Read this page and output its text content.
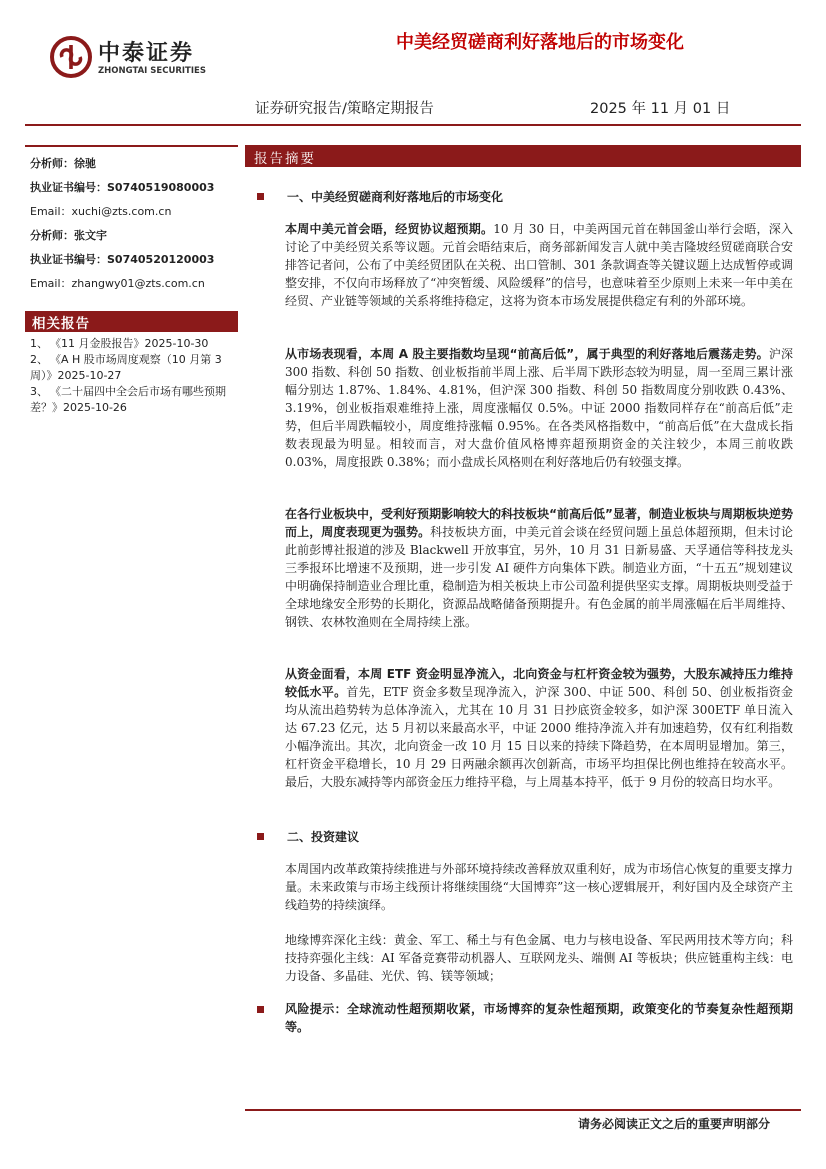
中泰证券
ZHONGTAI SECURITIES
中美经贸磋商利好落地后的市场变化
证券研究报告/策略定期报告	2025 年 11 月 01 日
分析师：徐驰
执业证书编号：S0740519080003
Email：xuchi@zts.com.cn
分析师：张文宇
执业证书编号：S0740520120003
Email：zhangwy01@zts.com.cn
相关报告
1、 《11 月金股报告》2025-10-30
2、 《A H 股市场周度观察（10 月第 3 周）》2025-10-27
3、 《二十届四中全会后市场有哪些预期差？》2025-10-26
报告摘要
一、中美经贸磋商利好落地后的市场变化

本周中美元首会晤，经贸协议超预期。10 月 30 日，中美两国元首在韩国釜山举行会晤，深入讨论了中美经贸关系等议题。元首会晤结束后，商务部新闻发言人就中美吉隆坡经贸磋商联合安排答记者问，公布了中美经贸团队在关税、出口管制、301 条款调查等关键议题上达成暂停或调整安排，不仅向市场释放了“冲突暂缓、风险缓释”的信号，也意味着至少原则上未来一年中美在经贸、产业链等领域的关系将维持稳定，这将为资本市场发展提供稳定有利的外部环境。

从市场表现看，本周 A 股主要指数均呈现“前高后低”，属于典型的利好落地后震荡走势。沪深 300 指数、科创 50 指数、创业板指前半周上涨、后半周下跌形态较为明显，周一至周三累计涨幅分别达 1.87%、1.84%、4.81%，但沪深 300 指数、科创 50 指数周度分别收跌 0.43%、3.19%，创业板指艰难维持上涨，周度涨幅仅 0.5%。中证 2000 指数同样存在“前高后低”走势，但后半周跌幅较小，周度维持涨幅 0.95%。在各类风格指数中，“前高后低”在大盘成长指数表现最为明显。相较而言，对大盘价值风格博弈超预期资金的关注较少，本周三前收跌 0.03%，周度报跌 0.38%；而小盘成长风格则在利好落地后仍有较强支撑。

在各行业板块中，受利好预期影响较大的科技板块“前高后低”显著，制造业板块与周期板块逆势而上，周度表现更为强势。科技板块方面，中美元首会谈在经贸问题上虽总体超预期，但未讨论此前彭博社报道的涉及 Blackwell 开放事宜，另外，10 月 31 日新易盛、天孚通信等科技龙头三季报环比增速不及预期，进一步引发 AI 硬件方向集体下跌。制造业方面，“十五五”规划建议中明确保持制造业合理比重，稳制造为相关板块上市公司盈利提供坚实支撑。周期板块则受益于全球地缘安全形势的长期化，资源品战略储备预期提升。有色金属的前半周涨幅在后半周维持、钢铁、农林牧渔则在全周持续上涨。

从资金面看，本周 ETF 资金明显净流入，北向资金与杠杆资金较为强势，大股东减持压力维持较低水平。首先，ETF 资金多数呈现净流入，沪深 300、中证 500、科创 50、创业板指资金均从流出趋势转为总体净流入，尤其在 10 月 31 日抄底资金较多，如沪深 300ETF 单日流入达 67.23 亿元，达 5 月初以来最高水平，中证 2000 维持净流入并有加速趋势，仅有红利指数小幅净流出。其次，北向资金一改 10 月 15 日以来的持续下降趋势，在本周明显增加。第三，杠杆资金平稳增长，10 月 29 日两融余额再次创新高，市场平均担保比例也维持在较高水平。最后，大股东减持等内部资金压力维持平稳，与上周基本持平，低于 9 月份的较高日均水平。

二、投资建议

本周国内改革政策持续推进与外部环境持续改善释放双重利好，成为市场信心恢复的重要支撑力量。未来政策与市场主线预计将继续围绕“大国博弈”这一核心逻辑展开，利好国内及全球资产主线趋势的持续演绎。

地缘博弈深化主线：黄金、军工、稀土与有色金属、电力与核电设备、军民两用技术等方向；科技持弈强化主线：AI 军备竞赛带动机器人、互联网龙头、端侧 AI 等板块；供应链重构主线：电力设备、多晶硅、光伏、钨、镁等领域；

风险提示：全球流动性超预期收紧，市场博弈的复杂性超预期，政策变化的节奏复杂性超预期等。

请务必阅读正文之后的重要声明部分
